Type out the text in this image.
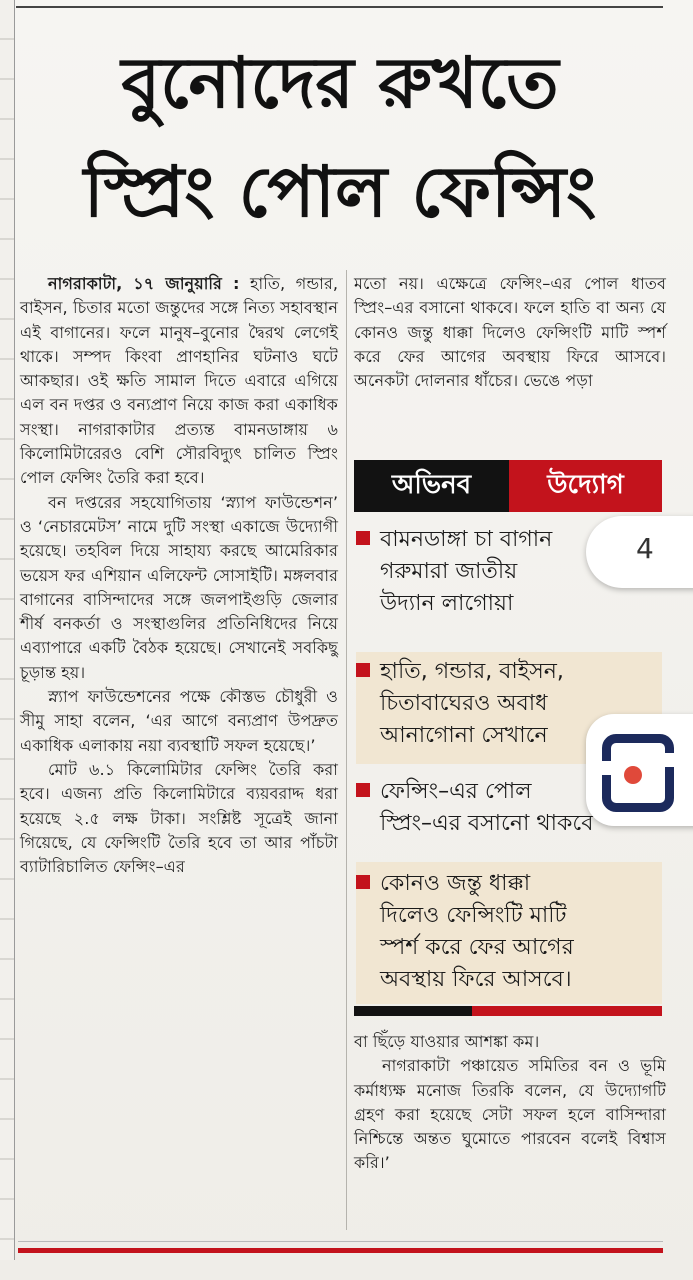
বুনোদের রুখতে
স্প্রিং পোল ফেন্সিং

নাগরাকাটা, ১৭ জানুয়ারি : হাতি, গন্ডার, বাইসন, চিতার মতো জন্তুদের সঙ্গে নিত্য সহাবস্থান এই বাগানের। ফলে মানুষ–বুনোর দ্বৈরথ লেগেই থাকে। সম্পদ কিংবা প্রাণহানির ঘটনাও ঘটে আকছার। ওই ক্ষতি সামাল দিতে এবারে এগিয়ে এল বন দপ্তর ও বন্যপ্রাণ নিয়ে কাজ করা একাধিক সংস্থা। নাগরাকাটার প্রত্যন্ত বামনডাঙ্গায় ৬ কিলোমিটারেরও বেশি সৌরবিদ্যুৎ চালিত স্প্রিং পোল ফেন্সিং তৈরি করা হবে।

বন দপ্তরের সহযোগিতায় ‘স্ন্যাপ ফাউন্ডেশন’ ও ‘নেচারমেটস’ নামে দুটি সংস্থা একাজে উদ্যোগী হয়েছে। তহবিল দিয়ে সাহায্য করছে আমেরিকার ভয়েস ফর এশিয়ান এলিফেন্ট সোসাইটি। মঙ্গলবার বাগানের বাসিন্দাদের সঙ্গে জলপাইগুড়ি জেলার শীর্ষ বনকর্তা ও সংস্থাগুলির প্রতিনিধিদের নিয়ে এব্যাপারে একটি বৈঠক হয়েছে। সেখানেই সবকিছু চূড়ান্ত হয়।

স্ন্যাপ ফাউন্ডেশনের পক্ষে কৌস্তভ চৌধুরী ও সীমু সাহা বলেন, ‘এর আগে বন্যপ্রাণ উপদ্রুত একাধিক এলাকায় নয়া ব্যবস্থাটি সফল হয়েছে।’

মোট ৬.১ কিলোমিটার ফেন্সিং তৈরি করা হবে। এজন্য প্রতি কিলোমিটারে ব্যয়বরাদ্দ ধরা হয়েছে ২.৫ লক্ষ টাকা। সংশ্লিষ্ট সূত্রেই জানা গিয়েছে, যে ফেন্সিংটি তৈরি হবে তা আর পাঁচটা ব্যাটারিচালিত ফেন্সিং–এর

মতো নয়। এক্ষেত্রে ফেন্সিং–এর পোল ধাতব স্প্রিং–এর বসানো থাকবে। ফলে হাতি বা অন্য যে কোনও জন্তু ধাক্কা দিলেও ফেন্সিংটি মাটি স্পর্শ করে ফের আগের অবস্থায় ফিরে আসবে। অনেকটা দোলনার ধাঁচের। ভেঙে পড়া

অভিনব	উদ্যোগ
বামনডাঙ্গা চা বাগান
গরুমারা জাতীয়
উদ্যান লাগোয়া
হাতি, গন্ডার, বাইসন,
চিতাবাঘেরও অবাধ
আনাগোনা সেখানে
ফেন্সিং–এর পোল
স্প্রিং–এর বসানো থাকবে
কোনও জন্তু ধাক্কা
দিলেও ফেন্সিংটি মাটি
স্পর্শ করে ফের আগের
অবস্থায় ফিরে আসবে।

বা ছিঁড়ে যাওয়ার আশঙ্কা কম।

নাগরাকাটা পঞ্চায়েত সমিতির বন ও ভূমি কর্মাধ্যক্ষ মনোজ তিরকি বলেন, যে উদ্যোগটি গ্রহণ করা হয়েছে সেটা সফল হলে বাসিন্দারা নিশ্চিন্তে অন্তত ঘুমোতে পারবেন বলেই বিশ্বাস করি।’

4
